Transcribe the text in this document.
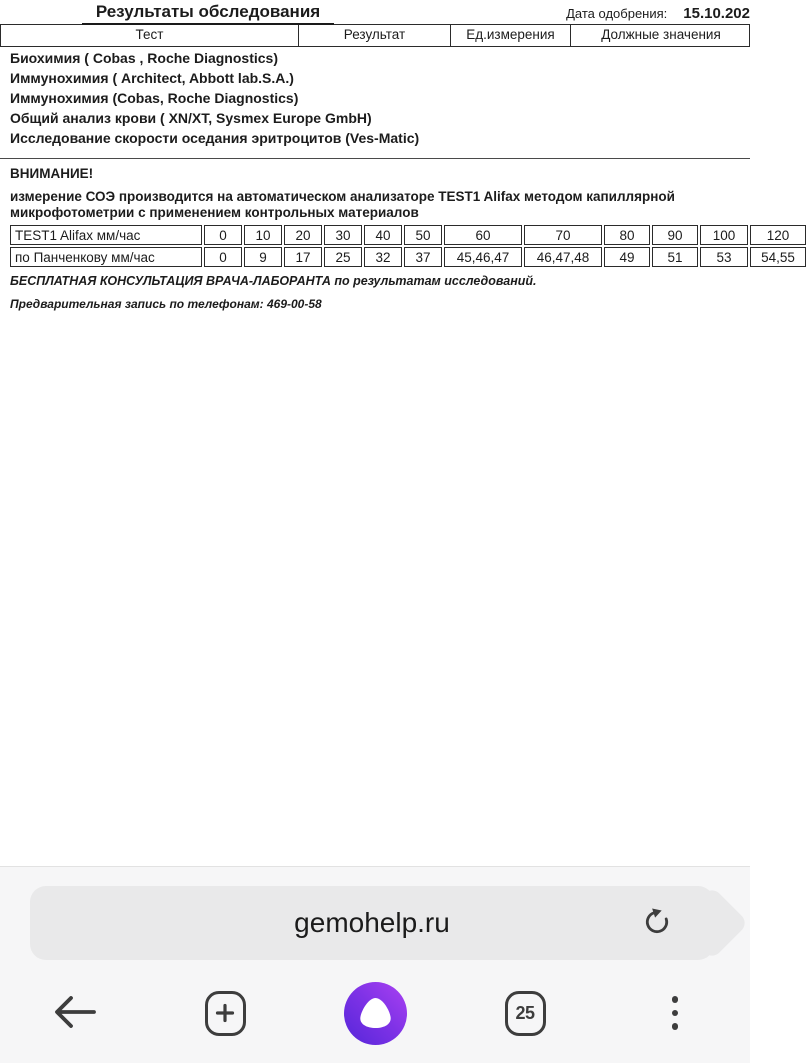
Результаты обследования	Дата одобрения: 15.10.202
Тест	Результат	Ед.измерения	Должные значения
Биохимия ( Cobas , Roche Diagnostics)
Иммунохимия ( Architect, Abbott lab.S.A.)
Иммунохимия (Cobas, Roche Diagnostics)
Общий анализ крови ( XN/XT, Sysmex Europe GmbH)
Исследование скорости оседания эритроцитов (Ves-Matic)
ВНИМАНИЕ!
измерение СОЭ производится на автоматическом анализаторе TEST1 Alifax методом капиллярной микрофотометрии с применением контрольных материалов
TEST1 Alifax мм/час	0	10	20	30	40	50	60	70	80	90	100	120
по Панченкову мм/час	0	9	17	25	32	37	45,46,47	46,47,48	49	51	53	54,55
БЕСПЛАТНАЯ КОНСУЛЬТАЦИЯ ВРАЧА-ЛАБОРАНТА по результатам исследований.
Предварительная запись по телефонам: 469-00-58
gemohelp.ru
25
